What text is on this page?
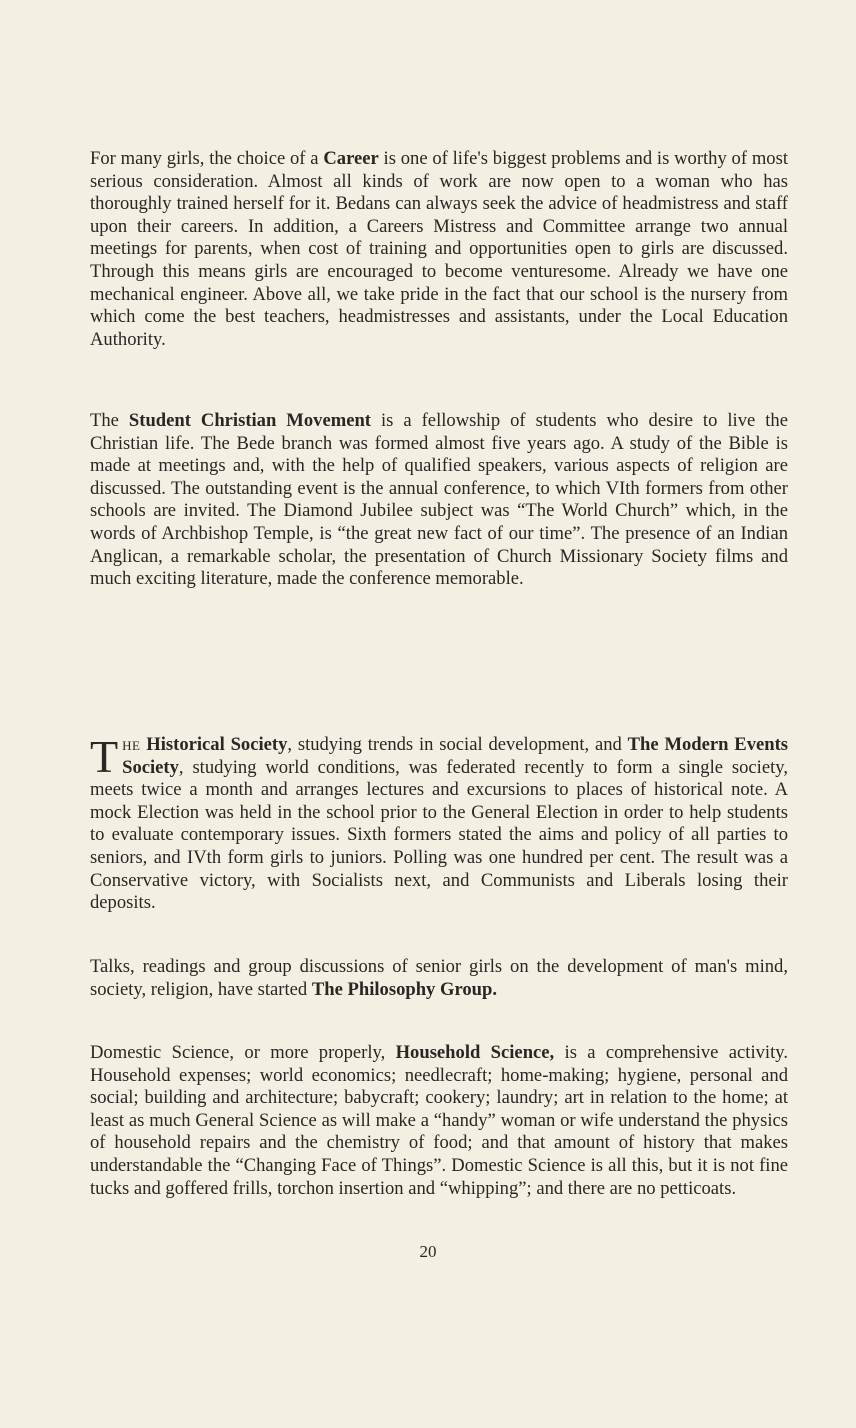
For many girls, the choice of a Career is one of life's biggest problems and is worthy of most serious consideration. Almost all kinds of work are now open to a woman who has thoroughly trained herself for it. Bedans can always seek the advice of headmistress and staff upon their careers. In addition, a Careers Mistress and Committee arrange two annual meetings for parents, when cost of training and opportunities open to girls are discussed. Through this means girls are encouraged to become venturesome. Already we have one mechanical engineer. Above all, we take pride in the fact that our school is the nursery from which come the best teachers, headmistresses and assistants, under the Local Education Authority.

The Student Christian Movement is a fellowship of students who desire to live the Christian life. The Bede branch was formed almost five years ago. A study of the Bible is made at meetings and, with the help of qualified speakers, various aspects of religion are discussed. The outstanding event is the annual conference, to which VIth formers from other schools are invited. The Diamond Jubilee subject was “The World Church” which, in the words of Archbishop Temple, is “the great new fact of our time”. The presence of an Indian Anglican, a remarkable scholar, the presentation of Church Missionary Society films and much exciting literature, made the conference memorable.

The Historical Society, studying trends in social development, and The Modern Events Society, studying world conditions, was federated recently to form a single society, meets twice a month and arranges lectures and excursions to places of historical note. A mock Election was held in the school prior to the General Election in order to help students to evaluate contemporary issues. Sixth formers stated the aims and policy of all parties to seniors, and IVth form girls to juniors. Polling was one hundred per cent. The result was a Conservative victory, with Socialists next, and Communists and Liberals losing their deposits.

Talks, readings and group discussions of senior girls on the development of man's mind, society, religion, have started The Philosophy Group.

Domestic Science, or more properly, Household Science, is a comprehensive activity. Household expenses; world economics; needlecraft; home-making; hygiene, personal and social; building and architecture; babycraft; cookery; laundry; art in relation to the home; at least as much General Science as will make a “handy” woman or wife understand the physics of household repairs and the chemistry of food; and that amount of history that makes understandable the “Changing Face of Things”. Domestic Science is all this, but it is not fine tucks and goffered frills, torchon insertion and “whipping”; and there are no petticoats.

20
